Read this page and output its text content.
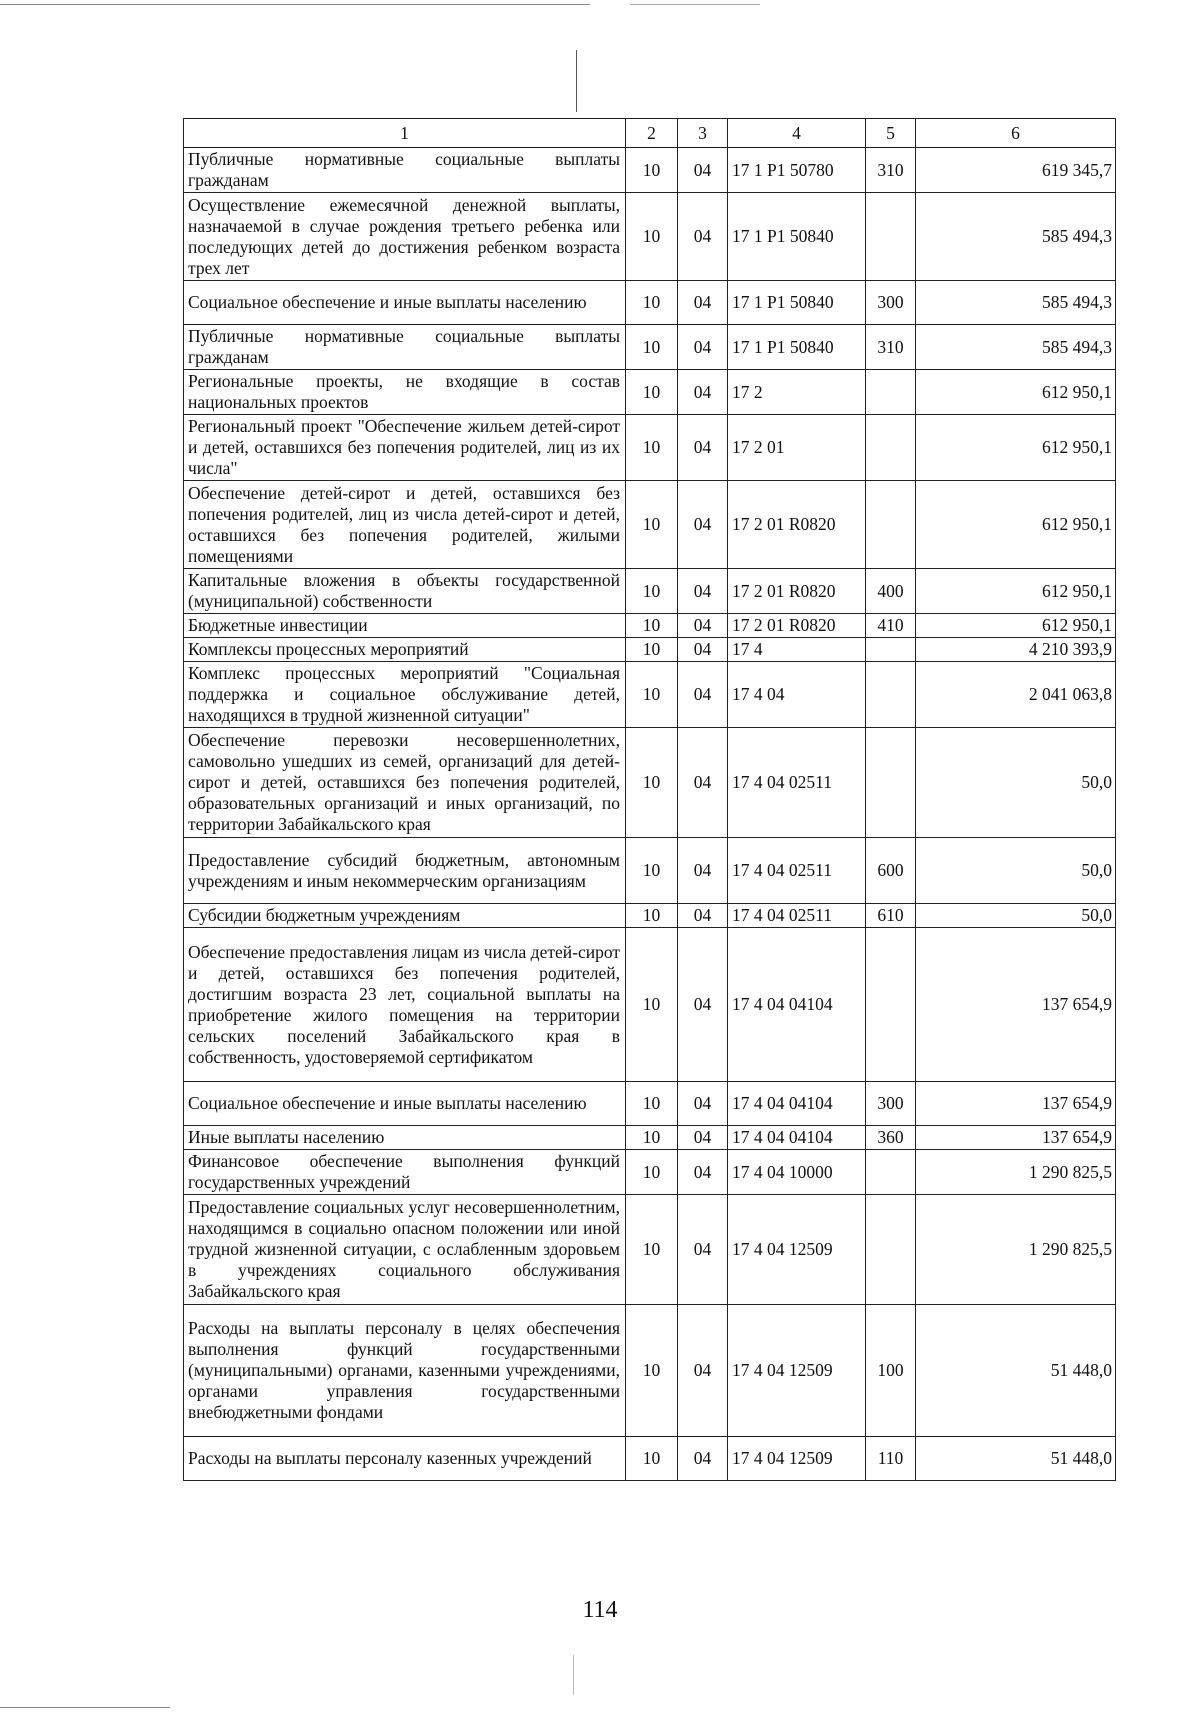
1	2	3	4	5	6
Публичные нормативные социальные выплаты гражданам	10	04	17 1 P1 50780	310	619 345,7
Осуществление ежемесячной денежной выплаты, назначаемой в случае рождения третьего ребенка или последующих детей до достижения ребенком возраста трех лет	10	04	17 1 P1 50840		585 494,3
Социальное обеспечение и иные выплаты населению	10	04	17 1 P1 50840	300	585 494,3
Публичные нормативные социальные выплаты гражданам	10	04	17 1 P1 50840	310	585 494,3
Региональные проекты, не входящие в состав национальных проектов	10	04	17 2		612 950,1
Региональный проект "Обеспечение жильем детей-сирот и детей, оставшихся без попечения родителей, лиц из их числа"	10	04	17 2 01		612 950,1
Обеспечение детей-сирот и детей, оставшихся без попечения родителей, лиц из числа детей-сирот и детей, оставшихся без попечения родителей, жилыми помещениями	10	04	17 2 01 R0820		612 950,1
Капитальные вложения в объекты государственной (муниципальной) собственности	10	04	17 2 01 R0820	400	612 950,1
Бюджетные инвестиции	10	04	17 2 01 R0820	410	612 950,1
Комплексы процессных мероприятий	10	04	17 4		4 210 393,9
Комплекс процессных мероприятий "Социальная поддержка и социальное обслуживание детей, находящихся в трудной жизненной ситуации"	10	04	17 4 04		2 041 063,8
Обеспечение перевозки несовершеннолетних, самовольно ушедших из семей, организаций для детей-сирот и детей, оставшихся без попечения родителей, образовательных организаций и иных организаций, по территории Забайкальского края	10	04	17 4 04 02511		50,0
Предоставление субсидий бюджетным, автономным учреждениям и иным некоммерческим организациям	10	04	17 4 04 02511	600	50,0
Субсидии бюджетным учреждениям	10	04	17 4 04 02511	610	50,0
Обеспечение предоставления лицам из числа детей-сирот и детей, оставшихся без попечения родителей, достигшим возраста 23 лет, социальной выплаты на приобретение жилого помещения на территории сельских поселений Забайкальского края в собственность, удостоверяемой сертификатом	10	04	17 4 04 04104		137 654,9
Социальное обеспечение и иные выплаты населению	10	04	17 4 04 04104	300	137 654,9
Иные выплаты населению	10	04	17 4 04 04104	360	137 654,9
Финансовое обеспечение выполнения функций государственных учреждений	10	04	17 4 04 10000		1 290 825,5
Предоставление социальных услуг несовершеннолетним, находящимся в социально опасном положении или иной трудной жизненной ситуации, с ослабленным здоровьем в учреждениях социального обслуживания Забайкальского края	10	04	17 4 04 12509		1 290 825,5
Расходы на выплаты персоналу в целях обеспечения выполнения функций государственными (муниципальными) органами, казенными учреждениями, органами управления государственными внебюджетными фондами	10	04	17 4 04 12509	100	51 448,0
Расходы на выплаты персоналу казенных учреждений	10	04	17 4 04 12509	110	51 448,0
114
